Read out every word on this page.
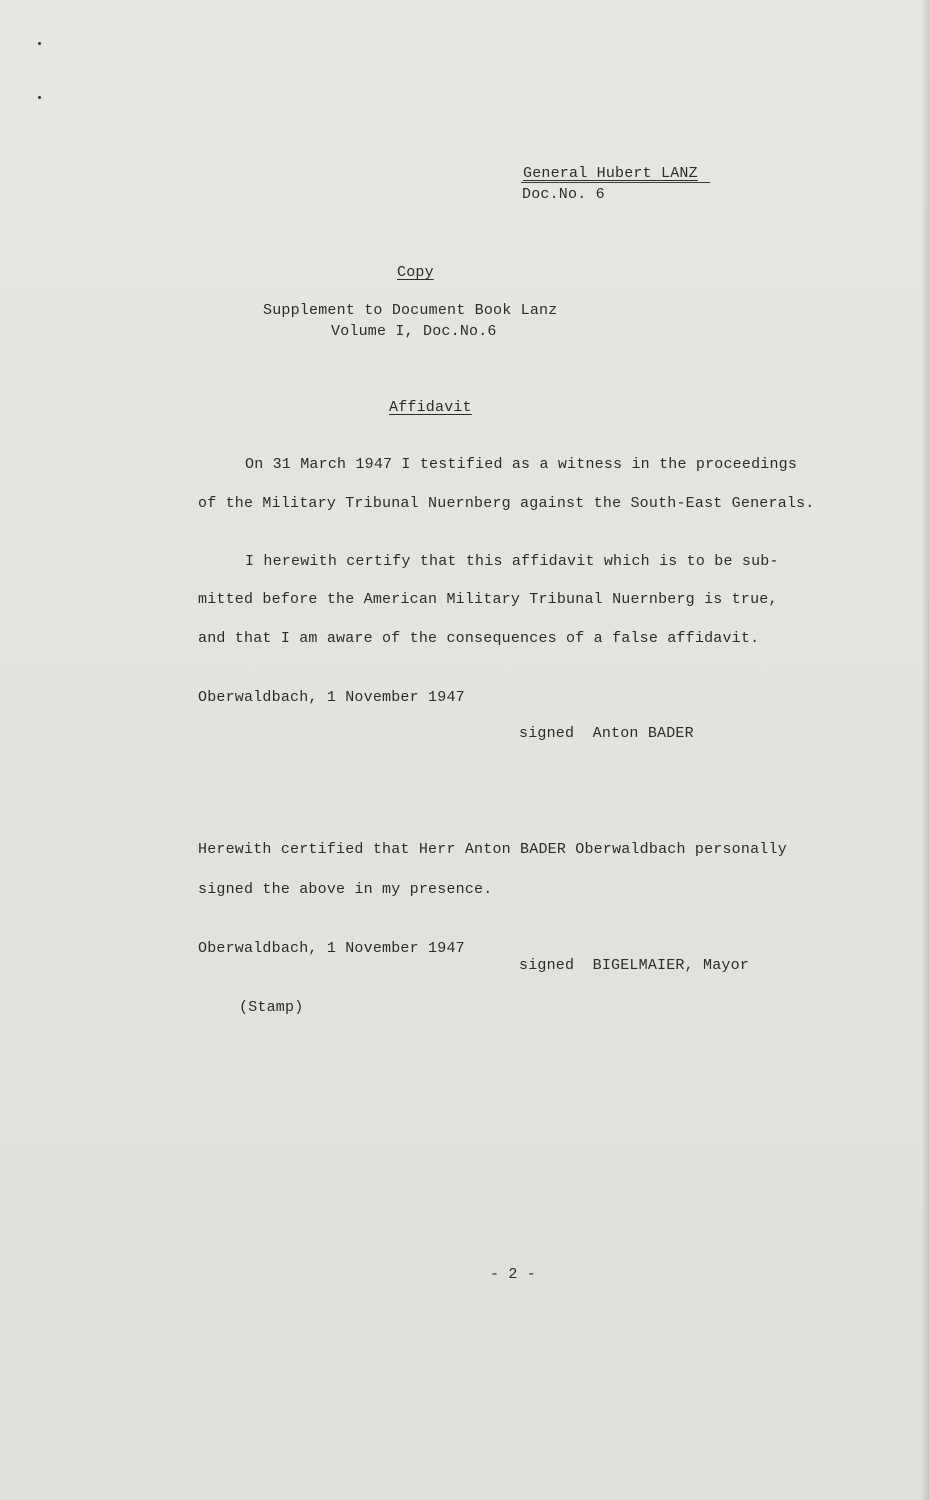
General Hubert LANZ
Doc.No. 6
Copy
Supplement to Document Book Lanz
Volume I, Doc.No.6
Affidavit
On 31 March 1947 I testified as a witness in the proceedings
of the Military Tribunal Nuernberg against the South-East Generals.
I herewith certify that this affidavit which is to be sub-
mitted before the American Military Tribunal Nuernberg is true,
and that I am aware of the consequences of a false affidavit.
Oberwaldbach, 1 November 1947
signed  Anton BADER
Herewith certified that Herr Anton BADER Oberwaldbach personally
signed the above in my presence.
Oberwaldbach, 1 November 1947
signed  BIGELMAIER, Mayor
(Stamp)
- 2 -
